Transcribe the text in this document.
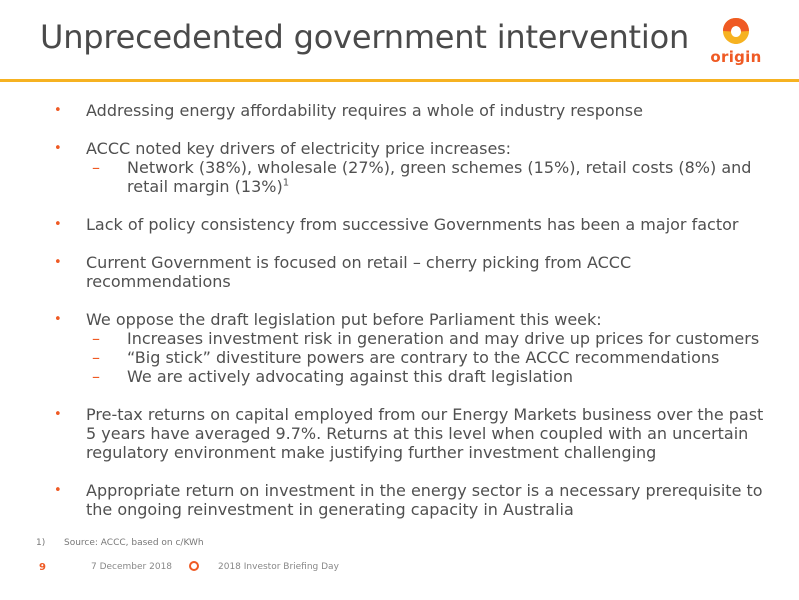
Unprecedented government intervention
origin
• Addressing energy affordability requires a whole of industry response
• ACCC noted key drivers of electricity price increases:
– Network (38%), wholesale (27%), green schemes (15%), retail costs (8%) and retail margin $(13\%)^1$
• Lack of policy consistency from successive Governments has been a major factor
• Current Government is focused on retail – cherry picking from ACCC recommendations
• We oppose the draft legislation put before Parliament this week:
– Increases investment risk in generation and may drive up prices for customers
– “Big stick” divestiture powers are contrary to the ACCC recommendations
– We are actively advocating against this draft legislation
• Pre-tax returns on capital employed from our Energy Markets business over the past 5 years have averaged 9.7%. Returns at this level when coupled with an uncertain regulatory environment make justifying further investment challenging
• Appropriate return on investment in the energy sector is a necessary prerequisite to the ongoing reinvestment in generating capacity in Australia
1) Source: ACCC, based on c/KWh
9	7 December 2018	2018 Investor Briefing Day
